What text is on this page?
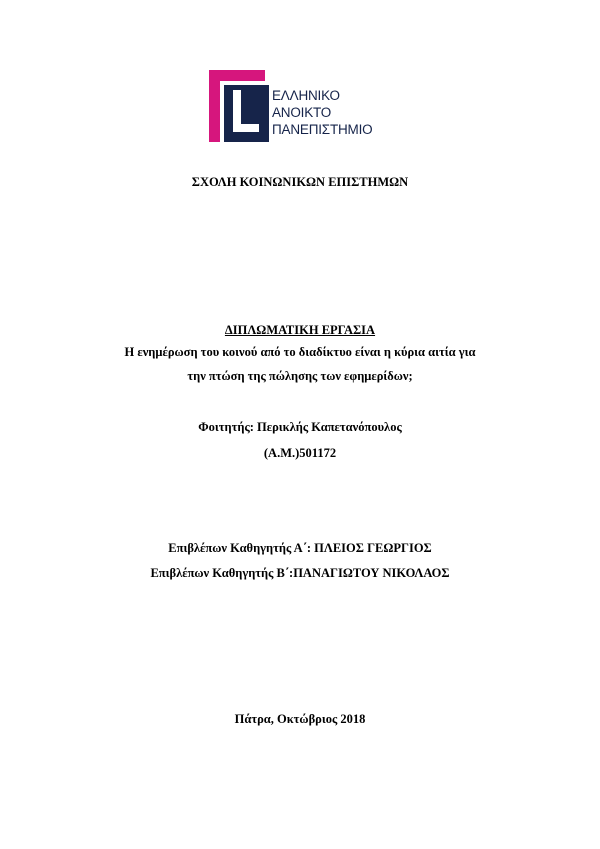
ΕΛΛΗΝΙΚΟ
ΑΝΟΙΚΤΟ
ΠΑΝΕΠΙΣΤΗΜΙΟ
ΣΧΟΛΗ ΚΟΙΝΩΝΙΚΩΝ ΕΠΙΣΤΗΜΩΝ
ΔΙΠΛΩΜΑΤΙΚΗ ΕΡΓΑΣΙΑ
Η ενημέρωση του κοινού από το διαδίκτυο είναι η κύρια αιτία για
την πτώση της πώλησης των εφημερίδων;
Φοιτητής: Περικλής Καπετανόπουλος
(Α.Μ.)501172
Επιβλέπων Καθηγητής Α΄: ΠΛΕΙΟΣ ΓΕΩΡΓΙΟΣ
Επιβλέπων Καθηγητής Β΄:ΠΑΝΑΓΙΩΤΟΥ ΝΙΚΟΛΑΟΣ
Πάτρα, Οκτώβριος 2018
